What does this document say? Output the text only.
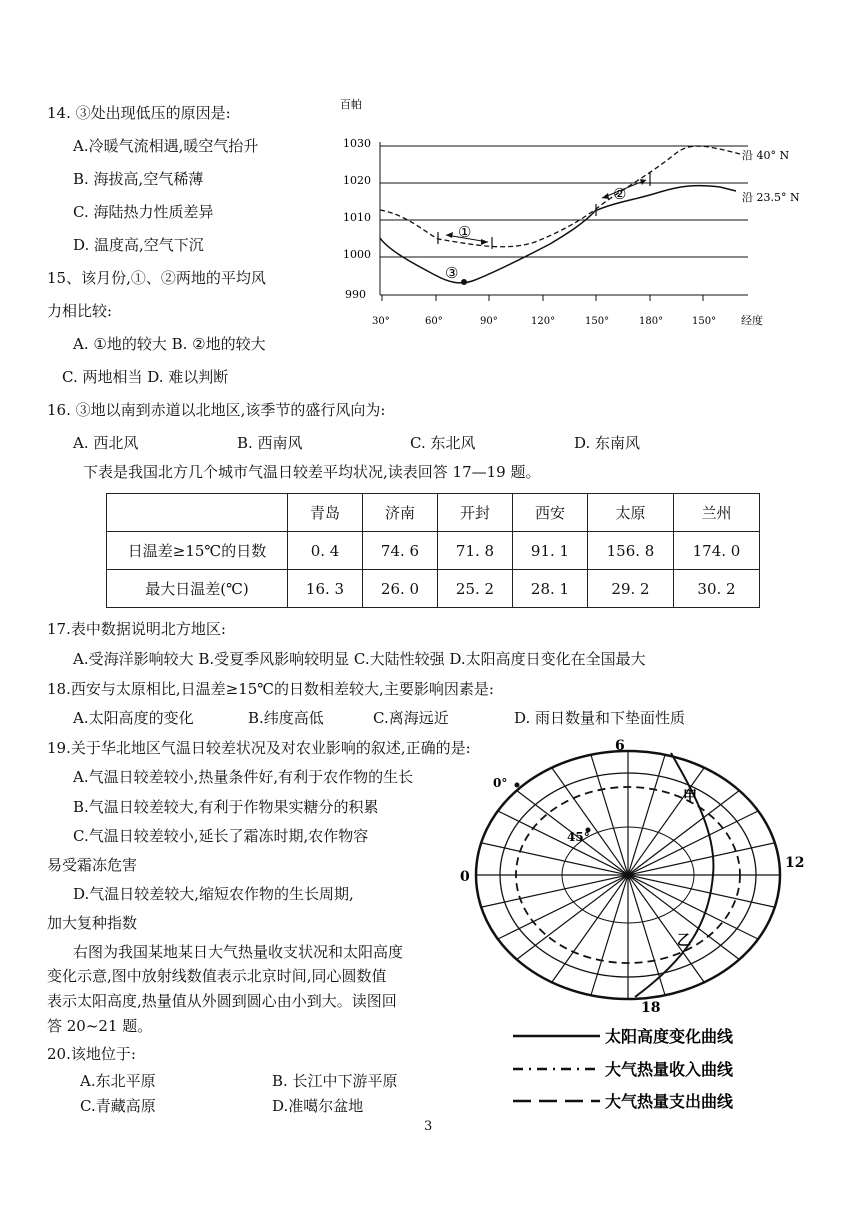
14. ③处出现低压的原因是:
A.冷暖气流相遇,暖空气抬升
B. 海拔高,空气稀薄
C. 海陆热力性质差异
D. 温度高,空气下沉
15、该月份,①、②两地的平均风
力相比较:
A. ①地的较大 B. ②地的较大
C. 两地相当 D. 难以判断
百帕
1030
1020
1010
1000
990
30°	60°	90°	120°	150°	180°	150° 经度
①
②
③
沿 40° N
沿 23.5° N
16. ③地以南到赤道以北地区,该季节的盛行风向为:
A. 西北风	B. 西南风	C. 东北风	D. 东南风
下表是我国北方几个城市气温日较差平均状况,读表回答 17—19 题。
	青岛	济南	开封	西安	太原	兰州
日温差≥15℃的日数	0. 4	74. 6	71. 8	91. 1	156. 8	174. 0
最大日温差(℃)	16. 3	26. 0	25. 2	28. 1	29. 2	30. 2
17.表中数据说明北方地区:
A.受海洋影响较大 B.受夏季风影响较明显 C.大陆性较强 D.太阳高度日变化在全国最大
18.西安与太原相比,日温差≥15℃的日数相差较大,主要影响因素是:
A.太阳高度的变化	B.纬度高低	C.离海远近	D. 雨日数量和下垫面性质
19.关于华北地区气温日较差状况及对农业影响的叙述,正确的是:
A.气温日较差较小,热量条件好,有利于农作物的生长
B.气温日较差较大,有利于作物果实糖分的积累
C.气温日较差较小,延长了霜冻时期,农作物容
易受霜冻危害
D.气温日较差较大,缩短农作物的生长周期,
加大复种指数
右图为我国某地某日大气热量收支状况和太阳高度
变化示意,图中放射线数值表示北京时间,同心圆数值
表示太阳高度,热量值从外圆到圆心由小到大。读图回
答 20~21 题。
20.该地位于:
A.东北平原	B. 长江中下游平原
C.青藏高原	D.准噶尔盆地
6
12
18
0
0°
45°
甲
乙
太阳高度变化曲线
大气热量收入曲线
大气热量支出曲线
3
